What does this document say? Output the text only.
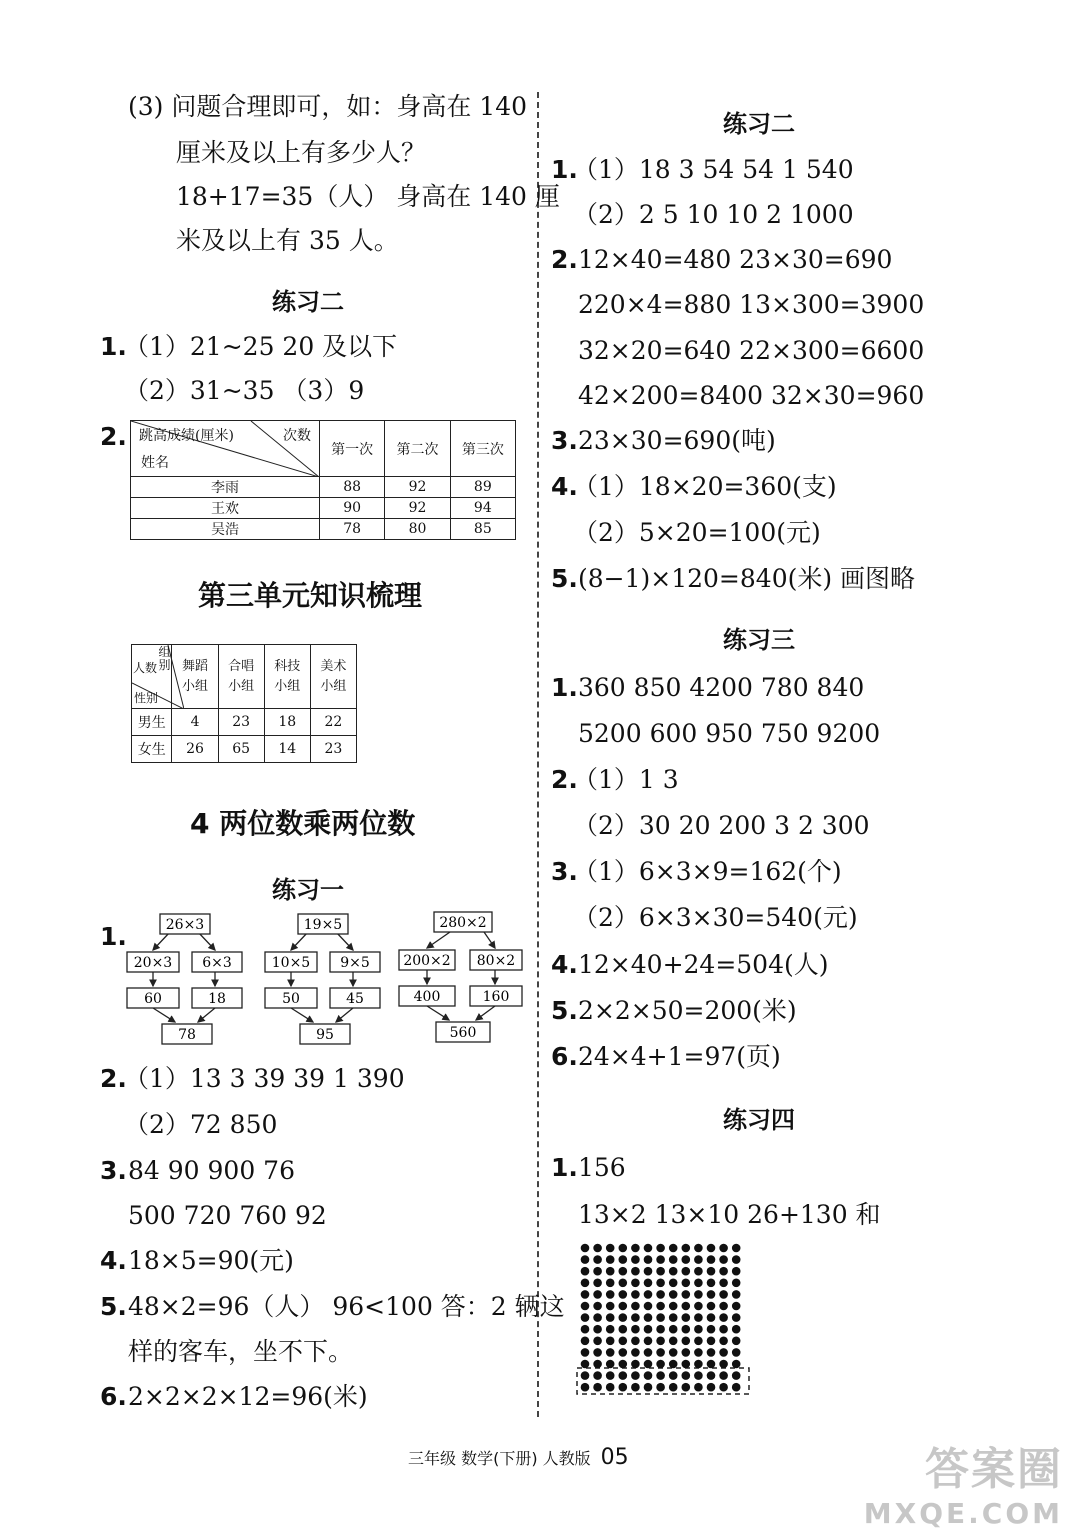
(3) 问题合理即可，如：身高在 140
厘米及以上有多少人？
18+17=35（人） 身高在 140 厘
米及以上有 35 人。
练习二
1.
（1）21~25 20 及以下
（2）31~35 （3）9
2.	次数
跳高成绩(厘米)
姓名	第一次	第二次	第三次
李雨	88	92	89
王欢	90	92	94
吴浩	78	80	85
第三单元知识梳理
组别
人数
性别	舞蹈小组	合唱小组	科技小组	美术小组
男生	4	23	18	22
女生	26	65	14	23
4 两位数乘两位数
练习一
1.	26×3
20×3 6×3
60	18
78
19×5
10×5 9×5
50	45
95
280×2
200×2 80×2
400	160
560
2.
（1）13 3 39 39 1 390
（2）72 850
3. 84 90 900 76
500 720 760 92
4. 18×5=90(元)
5. 48×2=96（人） 96<100 答：2 辆这
样的客车，坐不下。
6. 2×2×2×12=96(米)
练习二
1.
（1）18 3 54 54 1 540
（2）2 5 10 10 2 1000
2. 12×40=480 23×30=690
220×4=880 13×300=3900
32×20=640 22×300=6600
42×200=8400 32×30=960
3. 23×30=690(吨)
4.
（1）18×20=360(支)
（2）5×20=100(元)
5. (8−1)×120=840(米) 画图略
练习三
1. 360 850 4200 780 840
5200 600 950 750 9200
2.
（1）1 3
（2）30 20 200 3 2 300
3.
（1）6×3×9=162(个)
（2）6×3×30=540(元)
4. 12×40+24=504(人)
5. 2×2×50=200(米)
6. 24×4+1=97(页)
练习四
1. 156
13×2 13×10 26+130 和
三年级 数学(下册) 人教版 05	答案圈
MXQE.COM
